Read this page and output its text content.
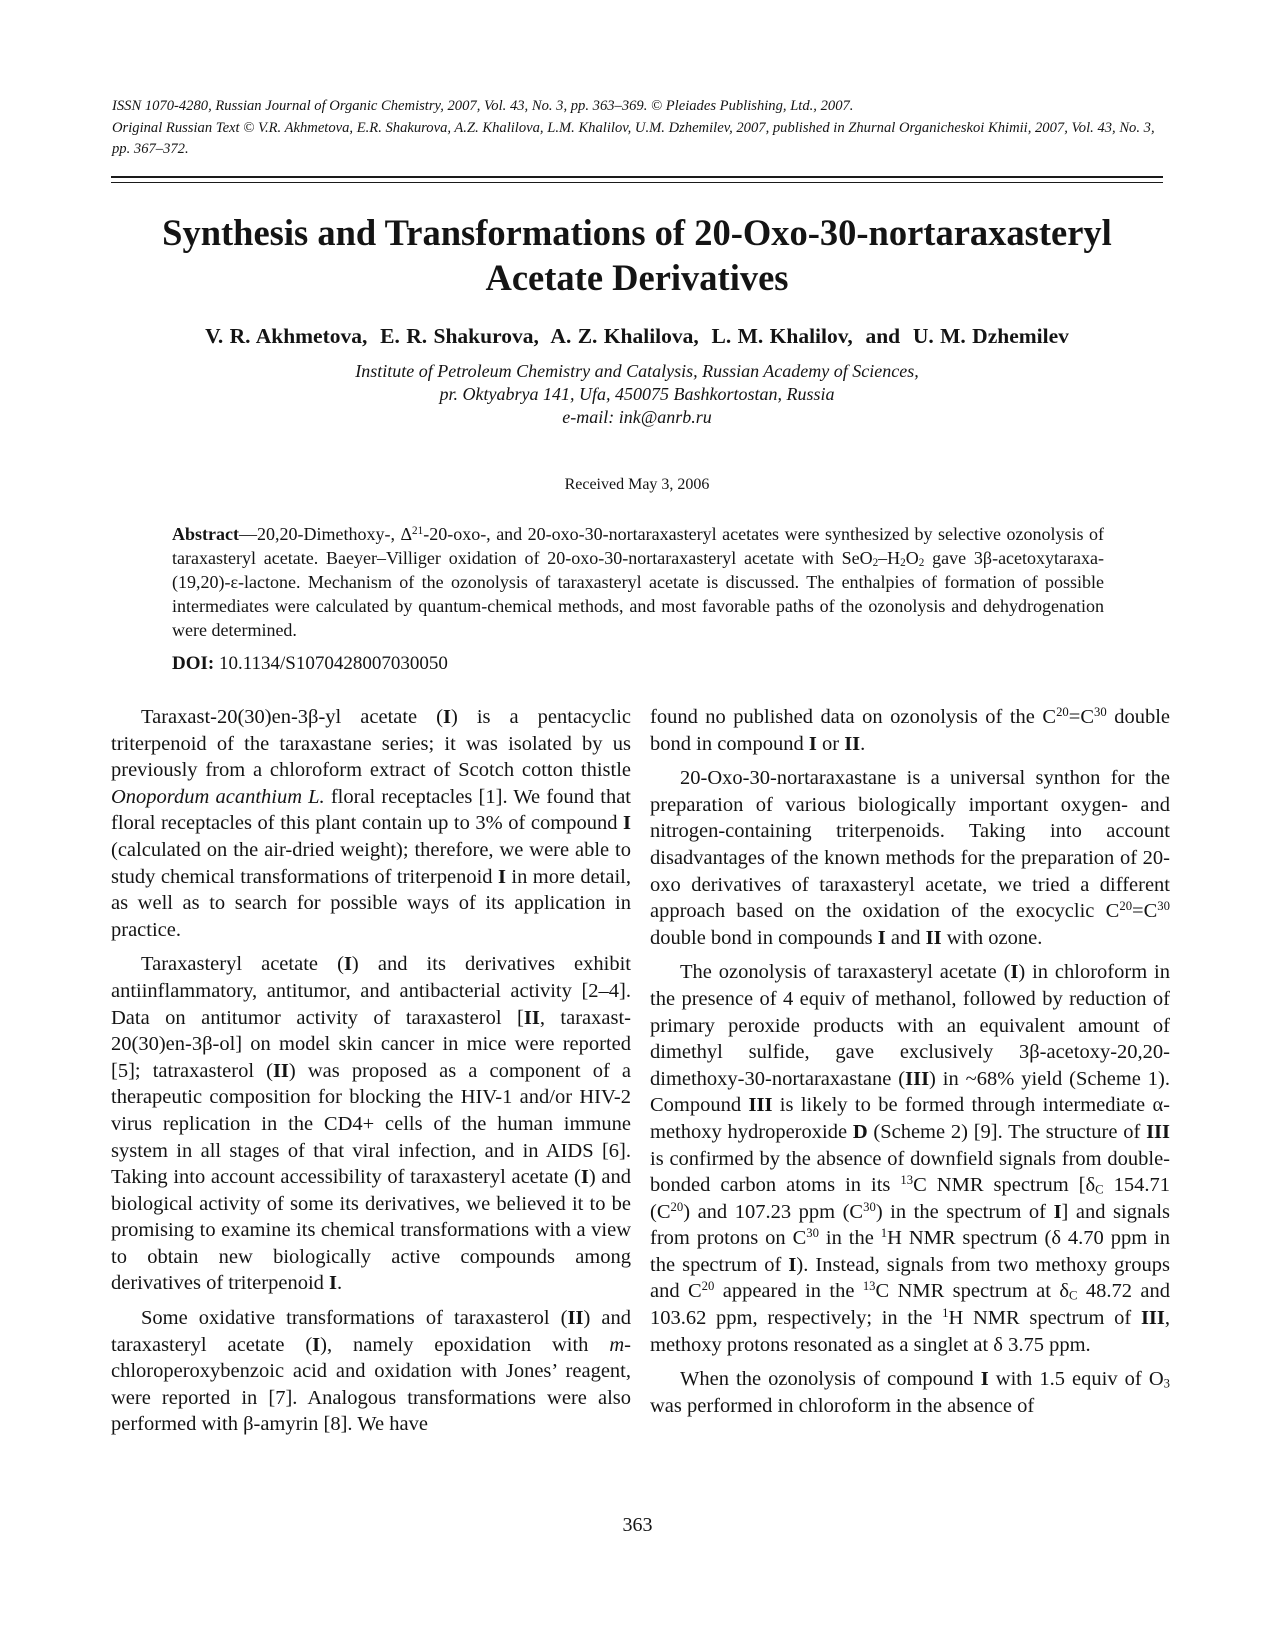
ISSN 1070-4280, Russian Journal of Organic Chemistry, 2007, Vol. 43, No. 3, pp. 363–369. © Pleiades Publishing, Ltd., 2007.

Original Russian Text © V.R. Akhmetova, E.R. Shakurova, A.Z. Khalilova, L.M. Khalilov, U.M. Dzhemilev, 2007, published in Zhurnal Organicheskoi Khimii, 2007, Vol. 43, No. 3, pp. 367–372.

Synthesis and Transformations of 20-Oxo-30-nortaraxasteryl
Acetate Derivatives

V. R. Akhmetova,  E. R. Shakurova,  A. Z. Khalilova,  L. M. Khalilov,  and  U. M. Dzhemilev

Institute of Petroleum Chemistry and Catalysis, Russian Academy of Sciences,

pr. Oktyabrya 141, Ufa, 450075 Bashkortostan, Russia

e-mail: ink@anrb.ru

Received May 3, 2006

Abstract—20,20-Dimethoxy-, $\Delta^{21}-20-oxo-$, and 20-oxo-30-nortaraxasteryl acetates were synthesized by selective ozonolysis of taraxasteryl acetate. Baeyer–Villiger oxidation of 20-oxo-30-nortaraxasteryl acetate with $SeO_2-H_2O_2$ gave 3β-acetoxytaraxa-(19,20)-ε-lactone. Mechanism of the ozonolysis of taraxasteryl acetate is discussed. The enthalpies of formation of possible intermediates were calculated by quantum-chemical methods, and most favorable paths of the ozonolysis and dehydrogenation were determined.

DOI: 10.1134/S1070428007030050

Taraxast-20(30)en-3β-yl acetate (I) is a pentacyclic triterpenoid of the taraxastane series; it was isolated by us previously from a chloroform extract of Scotch cotton thistle Onopordum acanthium L. floral receptacles [1]. We found that floral receptacles of this plant contain up to 3% of compound I (calculated on the air-dried weight); therefore, we were able to study chemical transformations of triterpenoid I in more detail, as well as to search for possible ways of its application in practice.

Taraxasteryl acetate (I) and its derivatives exhibit antiinflammatory, antitumor, and antibacterial activity [2–4]. Data on antitumor activity of taraxasterol [II, taraxast-20(30)en-3β-ol] on model skin cancer in mice were reported [5]; tatraxasterol (II) was proposed as a component of a therapeutic composition for blocking the HIV-1 and/or HIV-2 virus replication in the CD4+ cells of the human immune system in all stages of that viral infection, and in AIDS [6]. Taking into account accessibility of taraxasteryl acetate (I) and biological activity of some its derivatives, we believed it to be promising to examine its chemical transformations with a view to obtain new biologically active compounds among derivatives of triterpenoid I.

Some oxidative transformations of taraxasterol (II) and taraxasteryl acetate (I), namely epoxidation with m-chloroperoxybenzoic acid and oxidation with Jones’ reagent, were reported in [7]. Analogous transformations were also performed with β-amyrin [8]. We have

found no published data on ozonolysis of the $C^{20}=C^{30}$ double bond in compound I or II.

20-Oxo-30-nortaraxastane is a universal synthon for the preparation of various biologically important oxygen- and nitrogen-containing triterpenoids. Taking into account disadvantages of the known methods for the preparation of 20-oxo derivatives of taraxasteryl acetate, we tried a different approach based on the oxidation of the exocyclic $C^{20}=C^{30}$ double bond in compounds I and II with ozone.

The ozonolysis of taraxasteryl acetate (I) in chloroform in the presence of 4 equiv of methanol, followed by reduction of primary peroxide products with an equivalent amount of dimethyl sulfide, gave exclusively 3β-acetoxy-20,20-dimethoxy-30-nortaraxastane (III) in ~68% yield (Scheme 1). Compound III is likely to be formed through intermediate α-methoxy hydroperoxide D (Scheme 2) [9]. The structure of III is confirmed by the absence of downfield signals from double-bonded carbon atoms in its $^{13}$C NMR spectrum [$\delta_C$ 154.71 $(C^{20})$ and 107.23 ppm $(C^{30})$ in the spectrum of I] and signals from protons on $C^{30}$ in the $^1$H NMR spectrum (δ 4.70 ppm in the spectrum of I). Instead, signals from two methoxy groups and $C^{20}$ appeared in the $^{13}$C NMR spectrum at $\delta_C$ 48.72 and 103.62 ppm, respectively; in the $^1$H NMR spectrum of III, methoxy protons resonated as a singlet at δ 3.75 ppm.

When the ozonolysis of compound I with 1.5 equiv of $O_3$ was performed in chloroform in the absence of

363
